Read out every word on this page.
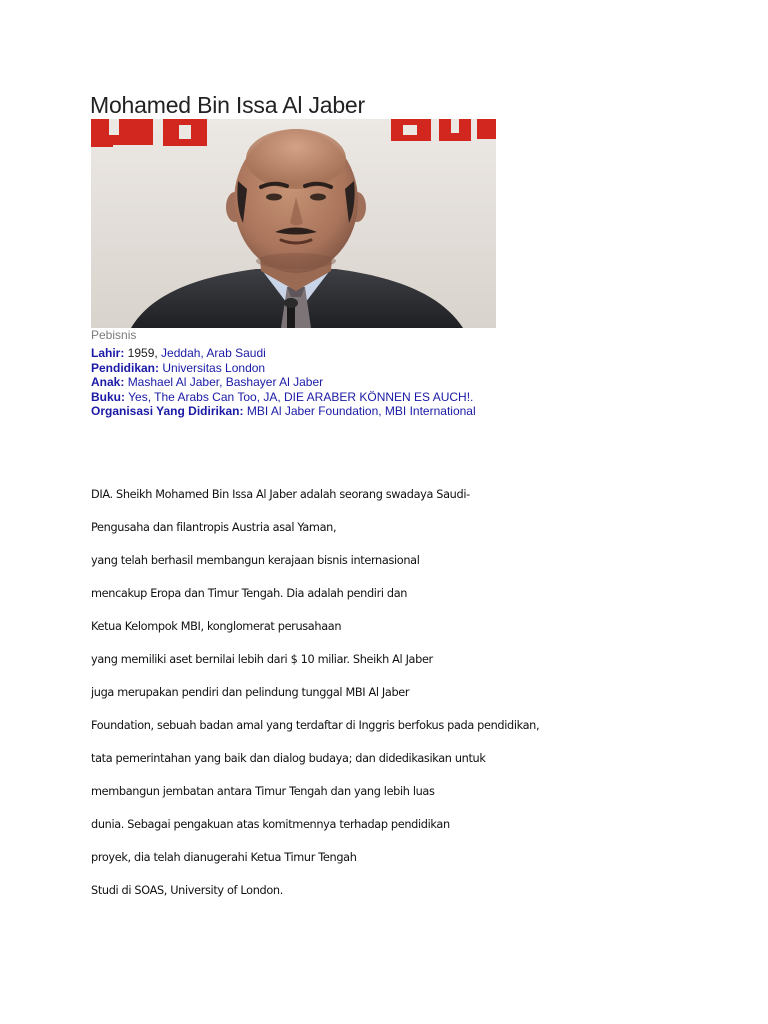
Mohamed Bin Issa Al Jaber
Pebisnis
Lahir: 1959, Jeddah, Arab Saudi
Pendidikan: Universitas London
Anak: Mashael Al Jaber, Bashayer Al Jaber
Buku: Yes, The Arabs Can Too, JA, DIE ARABER KÖNNEN ES AUCH!.
Organisasi Yang Didirikan: MBI Al Jaber Foundation, MBI International
DIA. Sheikh Mohamed Bin Issa Al Jaber adalah seorang swadaya Saudi-
Pengusaha dan filantropis Austria asal Yaman,
yang telah berhasil membangun kerajaan bisnis internasional
mencakup Eropa dan Timur Tengah. Dia adalah pendiri dan
Ketua Kelompok MBI, konglomerat perusahaan
yang memiliki aset bernilai lebih dari $ 10 miliar. Sheikh Al Jaber
juga merupakan pendiri dan pelindung tunggal MBI Al Jaber
Foundation, sebuah badan amal yang terdaftar di Inggris berfokus pada pendidikan,
tata pemerintahan yang baik dan dialog budaya; dan didedikasikan untuk
membangun jembatan antara Timur Tengah dan yang lebih luas
dunia. Sebagai pengakuan atas komitmennya terhadap pendidikan
proyek, dia telah dianugerahi Ketua Timur Tengah
Studi di SOAS, University of London.
